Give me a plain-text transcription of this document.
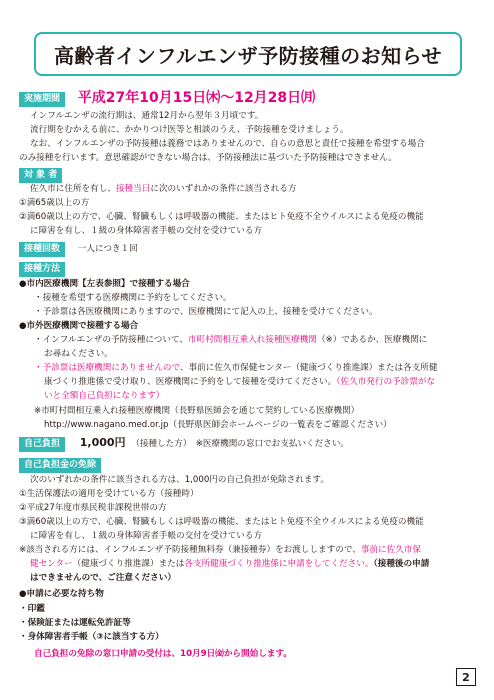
高齢者インフルエンザ予防接種のお知らせ
実施期間 平成27年10月15日㈭〜12月28日㈪
インフルエンザの流行期は、通常12月から翌年３月頃です。
流行期をむかえる前に、かかりつけ医等と相談のうえ、予防接種を受けましょう。
なお、インフルエンザの予防接種は義務ではありませんので、自らの意思と責任で接種を希望する場合
のみ接種を行います。意思確認ができない場合は、予防接種法に基づいた予防接種はできません。
対 象 者
佐久市に住所を有し、接種当日に次のいずれかの条件に該当される方
①満65歳以上の方
②満60歳以上の方で、心臓、腎臓もしくは呼吸器の機能、またはヒト免疫不全ウイルスによる免疫の機能
に障害を有し、１級の身体障害者手帳の交付を受けている方
接種回数 一人につき１回
接種方法
●市内医療機関【左表参照】で接種する場合
・接種を希望する医療機関に予約をしてください。
・予診票は各医療機関にありますので、医療機関にて記入の上、接種を受けてください。
●市外医療機関で接種する場合
・インフルエンザの予防接種について、市町村間相互乗入れ接種医療機関（※）であるか、医療機関に
お尋ねください。
・予診票は医療機関にありませんので、事前に佐久市保健センター（健康づくり推進課）または各支所健
康づくり推進係で受け取り、医療機関に予約をして接種を受けてください。（佐久市発行の予診票がな
いと全額自己負担になります）
※市町村間相互乗入れ接種医療機関（長野県医師会を通じて契約している医療機関）
http://www.nagano.med.or.jp（長野県医師会ホームページの一覧表をご確認ください）
自己負担 1,000円 （接種した方）　※医療機関の窓口でお支払いください。
自己負担金の免除
次のいずれかの条件に該当される方は、1,000円の自己負担が免除されます。
①生活保護法の適用を受けている方（接種時）
②平成27年度市県民税非課税世帯の方
③満60歳以上の方で、心臓、腎臓もしくは呼吸器の機能、またはヒト免疫不全ウイルスによる免疫の機能
に障害を有し、１級の身体障害者手帳の交付を受けている方
※該当される方には、インフルエンザ予防接種無料券（兼接種券）をお渡ししますので、事前に佐久市保
健センター（健康づくり推進課）または各支所健康づくり推進係に申請をしてください。（接種後の申請
はできませんので、ご注意ください）
●申請に必要な持ち物
・印鑑
・保険証または運転免許証等
・身体障害者手帳（③に該当する方）
自己負担の免除の窓口申請の受付は、10月9日㈮から開始します。
2
